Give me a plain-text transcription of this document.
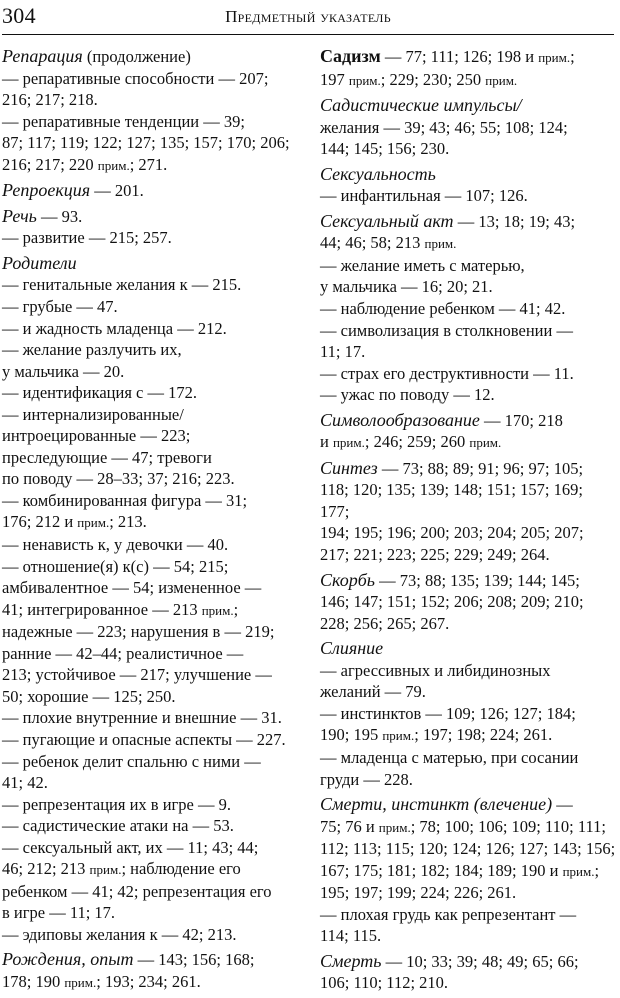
304	Предметный указатель
Репарация (продолжение)
— репаративные способности — 207;
216; 217; 218.
— репаративные тенденции — 39;
87; 117; 119; 122; 127; 135; 157; 170; 206;
216; 217; 220 прим.; 271.
Репроекция — 201.
Речь — 93.
— развитие — 215; 257.
Родители
— генитальные желания к — 215.
— грубые — 47.
— и жадность младенца — 212.
— желание разлучить их,
у мальчика — 20.
— идентификация с — 172.
— интернализированные/
интроецированные — 223;
преследующие — 47; тревоги
по поводу — 28–33; 37; 216; 223.
— комбинированная фигура — 31;
176; 212 и прим.; 213.
— ненависть к, у девочки — 40.
— отношение(я) к(с) — 54; 215;
амбивалентное — 54; измененное —
41; интегрированное — 213 прим.;
надежные — 223; нарушения в — 219;
ранние — 42–44; реалистичное —
213; устойчивое — 217; улучшение —
50; хорошие — 125; 250.
— плохие внутренние и внешние — 31.
— пугающие и опасные аспекты — 227.
— ребенок делит спальню с ними —
41; 42.
— репрезентация их в игре — 9.
— садистические атаки на — 53.
— сексуальный акт, их — 11; 43; 44;
46; 212; 213 прим.; наблюдение его
ребенком — 41; 42; репрезентация его
в игре — 11; 17.
— эдиповы желания к — 42; 213.
Рождения, опыт — 143; 156; 168;
178; 190 прим.; 193; 234; 261.
Садизм — 77; 111; 126; 198 и прим.;
197 прим.; 229; 230; 250 прим.
Садистические импульсы/
желания — 39; 43; 46; 55; 108; 124;
144; 145; 156; 230.
Сексуальность
— инфантильная — 107; 126.
Сексуальный акт — 13; 18; 19; 43;
44; 46; 58; 213 прим.
— желание иметь с матерью,
у мальчика — 16; 20; 21.
— наблюдение ребенком — 41; 42.
— символизация в столкновении —
11; 17.
— страх его деструктивности — 11.
— ужас по поводу — 12.
Символообразование — 170; 218
и прим.; 246; 259; 260 прим.
Синтез — 73; 88; 89; 91; 96; 97; 105;
118; 120; 135; 139; 148; 151; 157; 169; 177;
194; 195; 196; 200; 203; 204; 205; 207;
217; 221; 223; 225; 229; 249; 264.
Скорбь — 73; 88; 135; 139; 144; 145;
146; 147; 151; 152; 206; 208; 209; 210;
228; 256; 265; 267.
Слияние
— агрессивных и либидинозных
желаний — 79.
— инстинктов — 109; 126; 127; 184;
190; 195 прим.; 197; 198; 224; 261.
— младенца с матерью, при сосании
груди — 228.
Смерти, инстинкт (влечение) —
75; 76 и прим.; 78; 100; 106; 109; 110; 111;
112; 113; 115; 120; 124; 126; 127; 143; 156;
167; 175; 181; 182; 184; 189; 190 и прим.;
195; 197; 199; 224; 226; 261.
— плохая грудь как репрезентант —
114; 115.
Смерть — 10; 33; 39; 48; 49; 65; 66;
106; 110; 112; 210.
